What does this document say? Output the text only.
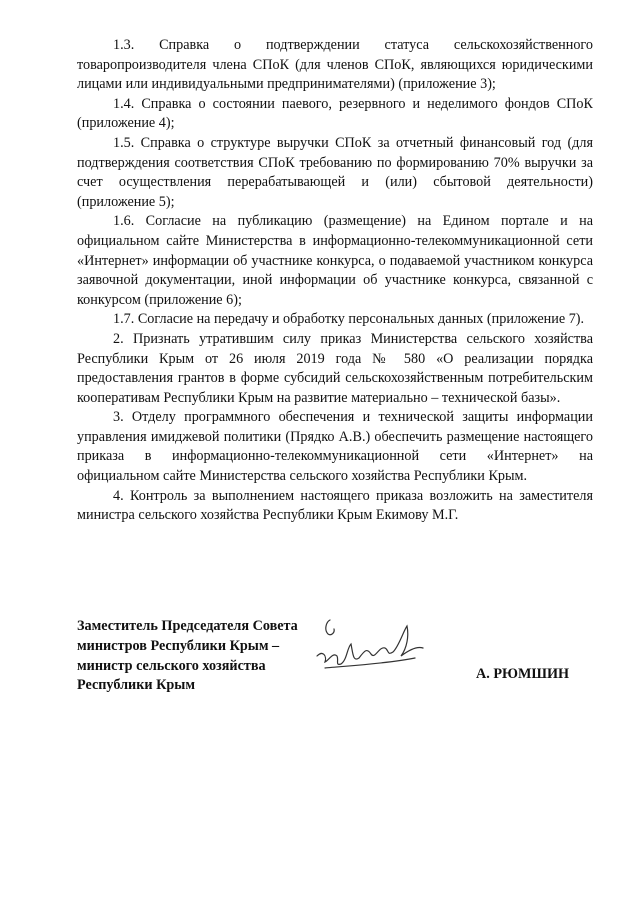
1.3. Справка о подтверждении статуса сельскохозяйственного товаропроизводителя члена СПоК (для членов СПоК, являющихся юридическими лицами или индивидуальными предпринимателями) (приложение 3);

1.4. Справка о состоянии паевого, резервного и неделимого фондов СПоК (приложение 4);

1.5. Справка о структуре выручки СПоК за отчетный финансовый год (для подтверждения соответствия СПоК требованию по формированию 70% выручки за счет осуществления перерабатывающей и (или) сбытовой деятельности) (приложение 5);

1.6. Согласие на публикацию (размещение) на Едином портале и на официальном сайте Министерства в информационно-телекоммуникационной сети «Интернет» информации об участнике конкурса, о подаваемой участником конкурса заявочной документации, иной информации об участнике конкурса, связанной с конкурсом (приложение 6);

1.7. Согласие на передачу и обработку персональных данных (приложение 7).

2. Признать утратившим силу приказ Министерства сельского хозяйства Республики Крым от 26 июля 2019 года № 580 «О реализации порядка предоставления грантов в форме субсидий сельскохозяйственным потребительским кооперативам Республики Крым на развитие материально – технической базы».

3. Отделу программного обеспечения и технической защиты информации управления имиджевой политики (Прядко А.В.) обеспечить размещение настоящего приказа в информационно-телекоммуникационной сети «Интернет» на официальном сайте Министерства сельского хозяйства Республики Крым.

4. Контроль за выполнением настоящего приказа возложить на заместителя министра сельского хозяйства Республики Крым Екимову М.Г.

Заместитель Председателя Совета
министров Республики Крым –
министр сельского хозяйства
Республики Крым
А. РЮМШИН
